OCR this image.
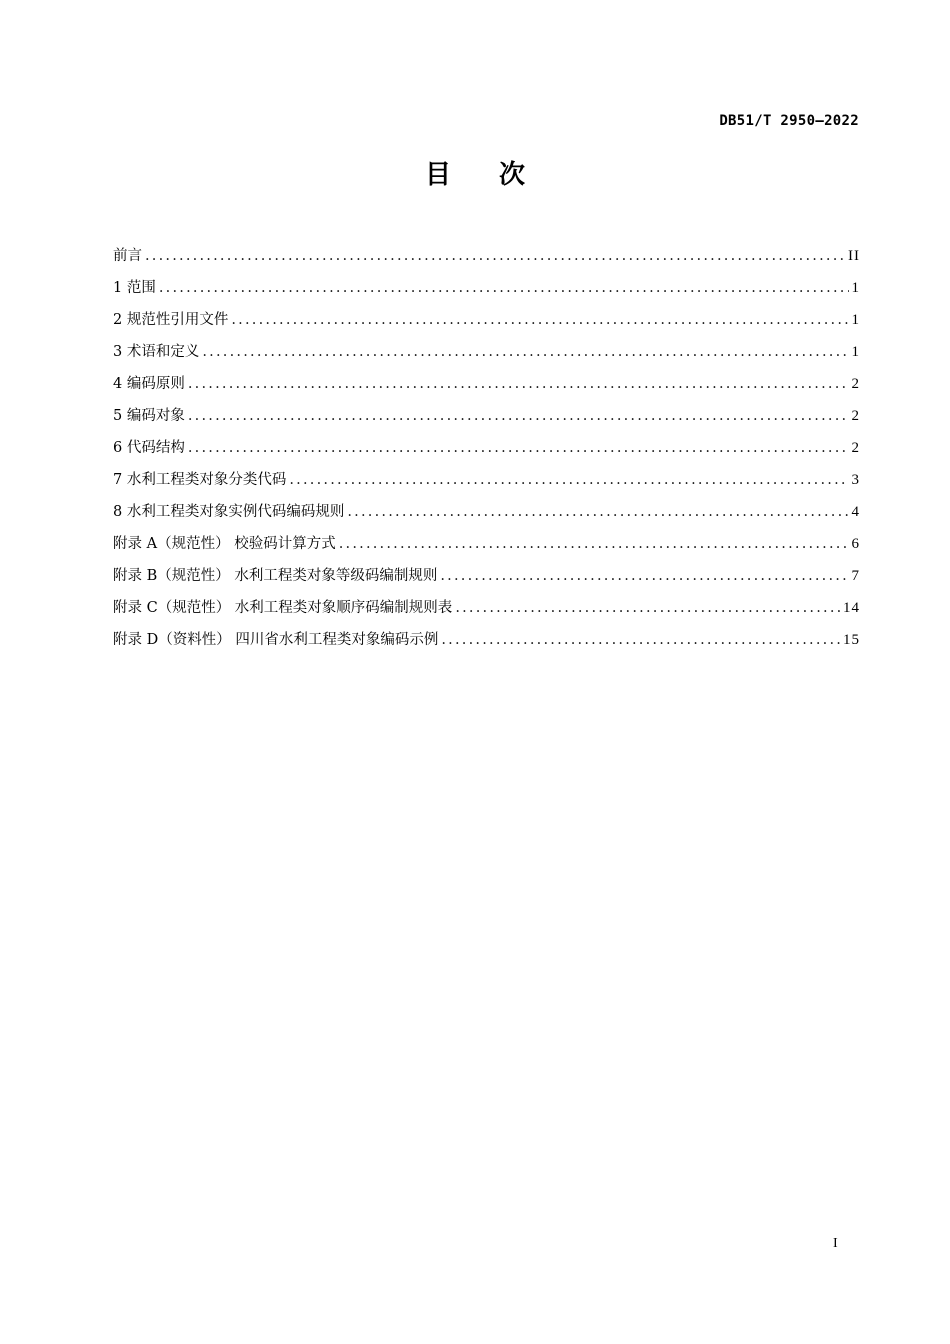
DB51/T 2950—2022
目次
前言 .....	II
1 范围 .....	1
2 规范性引用文件 .....	1
3 术语和定义 .....	1
4 编码原则 .....	2
5 编码对象 .....	2
6 代码结构 .....	2
7 水利工程类对象分类代码 .....	3
8 水利工程类对象实例代码编码规则 .....	4
附录 A（规范性） 校验码计算方式 .....	6
附录 B（规范性） 水利工程类对象等级码编制规则 .....	7
附录 C（规范性） 水利工程类对象顺序码编制规则表 .....	14
附录 D（资料性） 四川省水利工程类对象编码示例 .....	15
I
